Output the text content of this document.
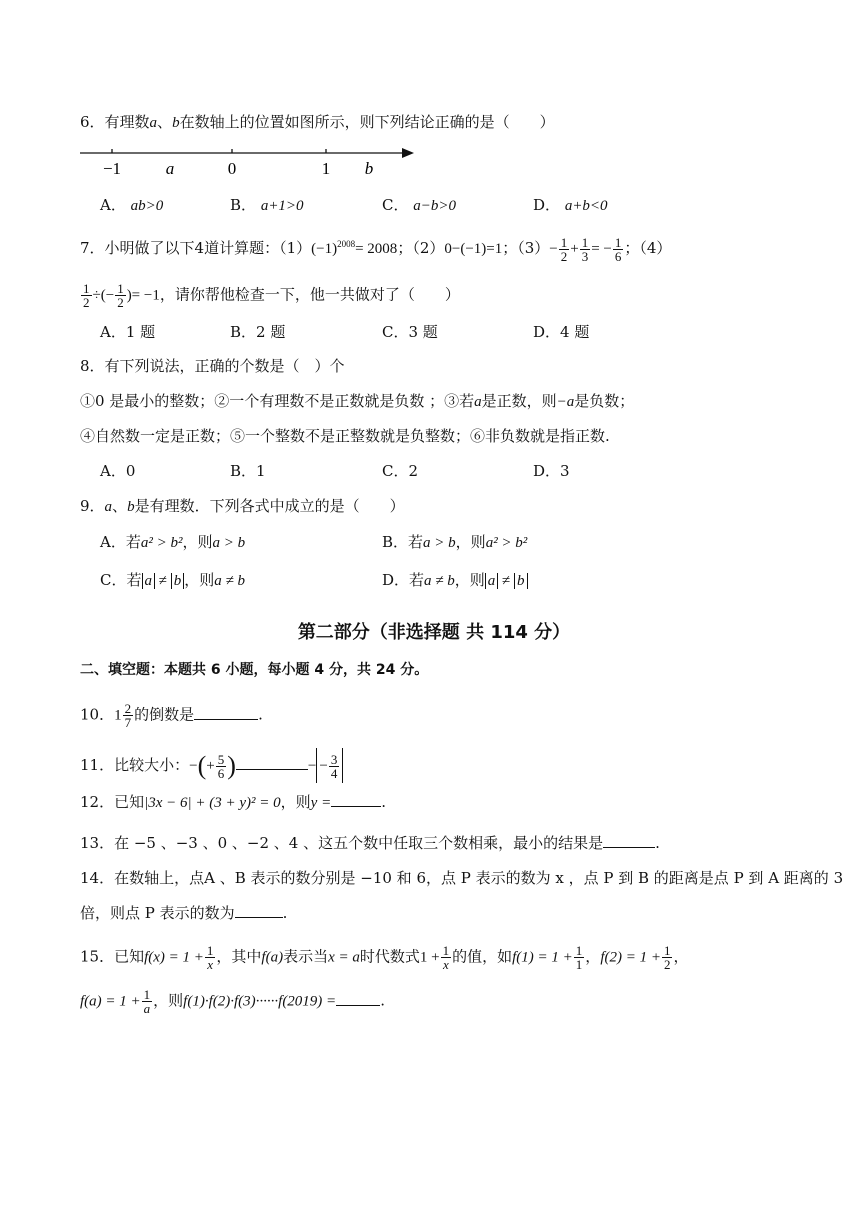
6．有理数a、b在数轴上的位置如图所示，则下列结论正确的是（　　）
−1	a	0	1 b
A． ab>0	B． a+1>0	C． a−b>0	D． a+b<0
7．小明做了以下4道计算题：$(1)(-1)^{2008}= 2008$；（2）0−(−1)=1；$(3)- \frac{1}{2} + \frac{1}{3}$ = − $\frac{1}{6}$ ；（4）
$\frac{1}{2}$ ÷(− $\frac{1}{2}$ )= −1，请你帮他检查一下，他一共做对了（　　）
A．1 题	B．2 题	C．3 题	D．4 题
8．有下列说法，正确的个数是（　）个
①0 是最小的整数；②一个有理数不是正数就是负数 ；③若a是正数，则−a是负数；
④自然数一定是正数；⑤一个整数不是正整数就是负整数；⑥非负数就是指正数.
A．0	B．1	C．2	D．3
9．a、b是有理数．下列各式中成立的是（　　）
A．若a² > b²，则a > b	B．若a > b，则a² > b²
C．若 a ≠ b ，则a ≠ b	D．若a ≠ b，则 a ≠ b
第二部分（非选择题 共 114 分）
二、填空题：本题共 6 小题，每小题 4 分，共 24 分。
10．$1 \frac{2}{7}$ 的倒数是	.
11．比较大小：−(+ $\frac{5}{6}$ )	− − $\frac{3}{4}$
12．已知|3x − 6| + (3 + y)² = 0，则y =	.
13．在 −5 、−3 、0 、−2 、4 、这五个数中任取三个数相乘，最小的结果是	.
14．在数轴上，点A 、B 表示的数分别是 −10 和 6，点 P 表示的数为 x ，点 P 到 B 的距离是点 P 到 A 距离的 3
倍，则点 P 表示的数为	.
15．已知$f(x) = 1 + \frac{1}{x}$ ，其中f(a)表示当x = a时代数式$1 + \frac{1}{x}$ 的值，如$f(1) = 1 + \frac{1}{1}$ ，$f(2) = 1 + \frac{1}{2}$ ，
$f(a) = 1 + \frac{1}{a}$ ，则f(1)·f(2)·f(3)······f(2019) =	.
